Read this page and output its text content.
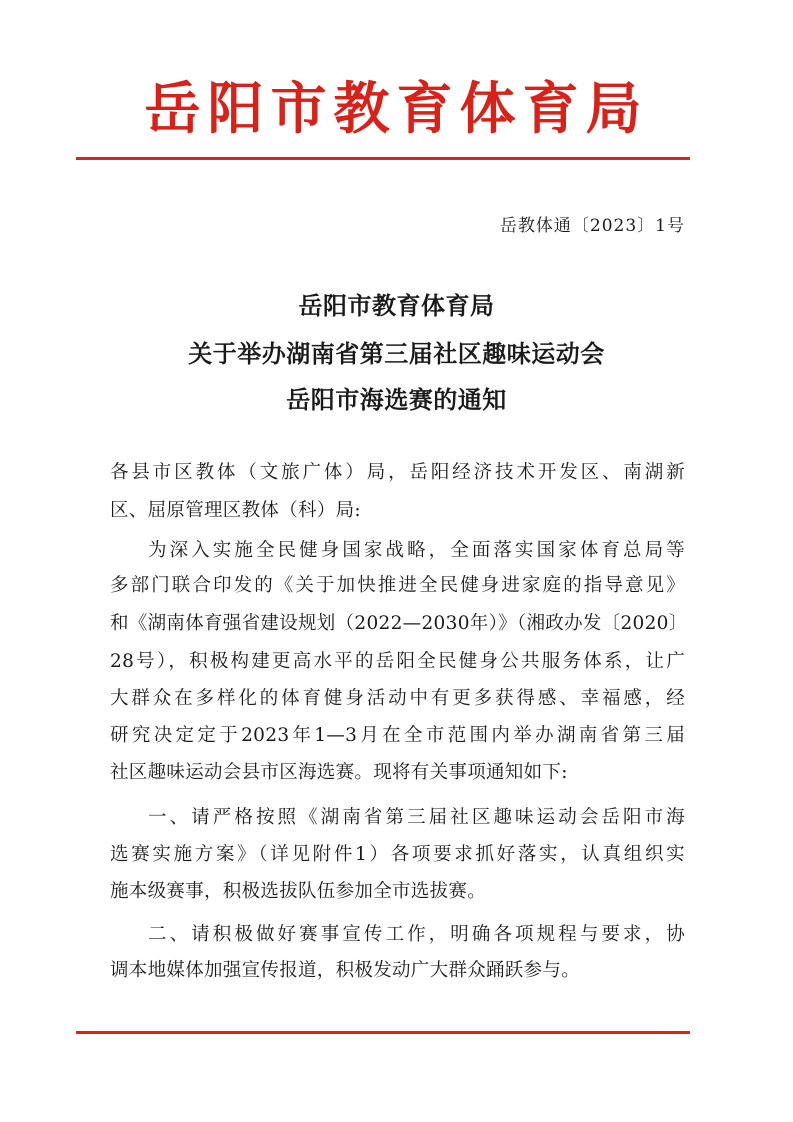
岳阳市教育体育局
岳教体通〔2023〕1号
岳阳市教育体育局
关于举办湖南省第三届社区趣味运动会
岳阳市海选赛的通知
各县市区教体（文旅广体）局，岳阳经济技术开发区、南湖新
区、屈原管理区教体（科）局:
为深入实施全民健身国家战略，全面落实国家体育总局等
多部门联合印发的《关于加快推进全民健身进家庭的指导意见》
和《湖南体育强省建设规划（2022—2030年）》（湘政办发〔2020〕
28号），积极构建更高水平的岳阳全民健身公共服务体系，让广
大群众在多样化的体育健身活动中有更多获得感、幸福感，经
研究决定定于2023年1—3月在全市范围内举办湖南省第三届
社区趣味运动会县市区海选赛。现将有关事项通知如下:
一、请严格按照《湖南省第三届社区趣味运动会岳阳市海
选赛实施方案》（详见附件1）各项要求抓好落实，认真组织实
施本级赛事，积极选拔队伍参加全市选拔赛。
二、请积极做好赛事宣传工作，明确各项规程与要求，协
调本地媒体加强宣传报道，积极发动广大群众踊跃参与。
